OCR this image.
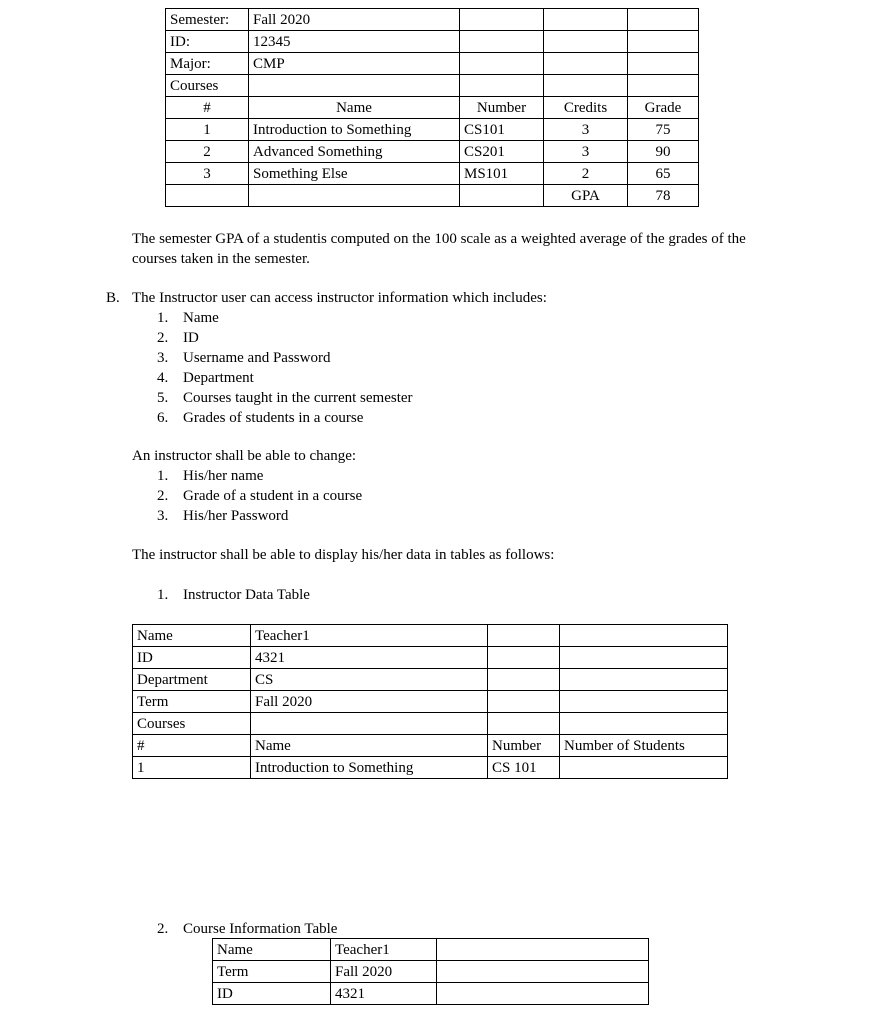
Semester:	Fall 2020			
ID:	12345			
Major:	CMP			
Courses				
#	Name	Number	Credits	Grade
1	Introduction to Something	CS101	3	75
2	Advanced Something	CS201	3	90
3	Something Else	MS101	2	65
			GPA	78

The semester GPA of a studentis computed on the 100 scale as a weighted average of the grades of the courses taken in the semester.

B. The Instructor user can access instructor information which includes:
1. Name
2. ID
3. Username and Password
4. Department
5. Courses taught in the current semester
6. Grades of students in a course
An instructor shall be able to change:
1. His/her name
2. Grade of a student in a course
3. His/her Password
The instructor shall be able to display his/her data in tables as follows:
1. Instructor Data Table
Name	Teacher1		
ID	4321		
Department	CS		
Term	Fall 2020		
Courses			
#	Name	Number	Number of Students
1	Introduction to Something	CS 101	
2. Course Information Table
Name	Teacher1	
Term	Fall 2020	
ID	4321	
